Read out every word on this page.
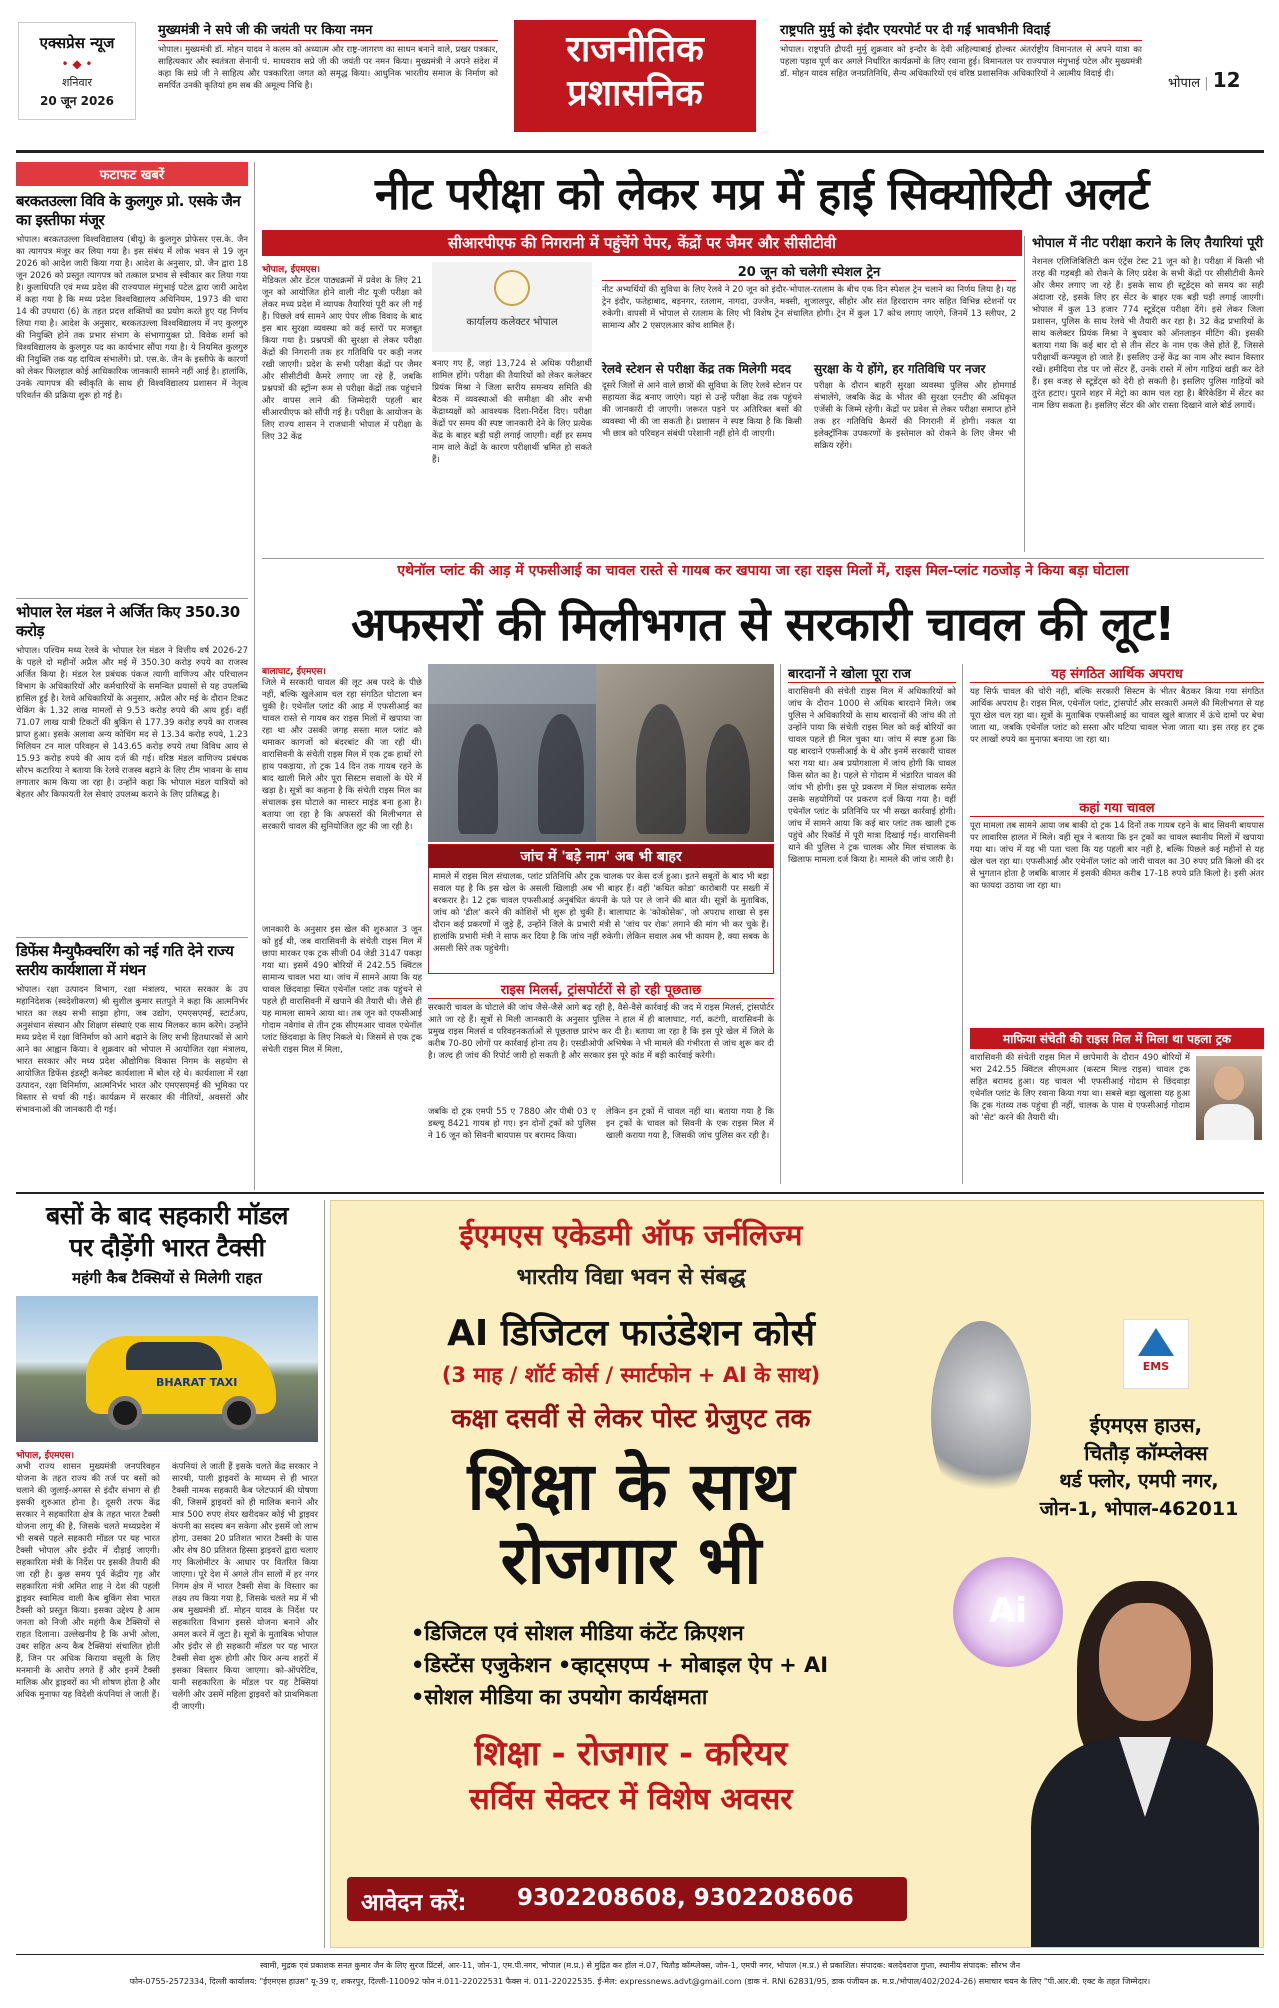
एक्सप्रेस न्यूज
• ◆ •
शनिवार
20 जून 2026
मुख्यमंत्री ने सपे जी की जयंती पर किया नमन
भोपाल। मुख्यमंत्री डॉ. मोहन यादव ने कलम को अध्यात्म और राष्ट्र-जागरण का साधन बनाने वाले, प्रखर पत्रकार, साहित्यकार और स्वतंत्रता सेनानी पं. माधवराव सप्रे जी की जयंती पर नमन किया। मुख्यमंत्री ने अपने संदेश में कहा कि सप्रे जी ने साहित्य और पत्रकारिता जगत को समृद्ध किया। आधुनिक भारतीय समाज के निर्माण को समर्पित उनकी कृतियां हम सब की अमूल्य निधि है।
राजनीतिक
प्रशासनिक
राष्ट्रपति मुर्मु को इंदौर एयरपोर्ट पर दी गई भावभीनी विदाई
भोपाल। राष्ट्रपति द्रौपदी मुर्मु शुक्रवार को इन्दौर के देवी अहिल्याबाई होल्कर अंतर्राष्ट्रीय विमानतल से अपने यात्रा का पहला पड़ाव पूर्ण कर अगले निर्धारित कार्यक्रमों के लिए रवाना हुई। विमानतल पर राज्यपाल मंगुभाई पटेल और मुख्यमंत्री डॉ. मोहन यादव सहित जनप्रतिनिधि, सैन्य अधिकारियों एवं वरिष्ठ प्रशासनिक अधिकारियों ने आत्मीय विदाई दी।
भोपाल | 12
फटाफट खबरें
बरकतउल्ला विवि के कुलगुरु प्रो. एसके जैन का इस्तीफा मंजूर
भोपाल। बरकतउल्ला विश्वविद्यालय (बीयू) के कुलगुरु प्रोफेसर एस.के. जैन का त्यागपत्र मंजूर कर लिया गया है। इस संबंध में लोक भवन से 19 जून 2026 को आदेश जारी किया गया है। आदेश के अनुसार, प्रो. जैन द्वारा 18 जून 2026 को प्रस्तुत त्यागपत्र को तत्काल प्रभाव से स्वीकार कर लिया गया है। कुलाधिपति एवं मध्य प्रदेश की राज्यपाल मंगुभाई पटेल द्वारा जारी आदेश में कहा गया है कि मध्य प्रदेश विश्वविद्यालय अधिनियम, 1973 की धारा 14 की उपधारा (6) के तहत प्रदत्त शक्तियों का प्रयोग करते हुए यह निर्णय लिया गया है। आदेश के अनुसार, बरकतउल्ला विश्वविद्यालय में नए कुलगुरु की नियुक्ति होने तक प्रभार संभाग के संभागायुक्त प्रो. विवेक शर्मा को विश्वविद्यालय के कुलगुरु पद का कार्यभार सौंपा गया है। ये नियमित कुलगुरु की नियुक्ति तक यह दायित्व संभालेंगे। प्रो. एस.के. जैन के इस्तीफे के कारणों को लेकर फिलहाल कोई आधिकारिक जानकारी सामने नहीं आई है। हालांकि, उनके त्यागपत्र की स्वीकृति के साथ ही विश्वविद्यालय प्रशासन में नेतृत्व परिवर्तन की प्रक्रिया शुरू हो गई है।
भोपाल रेल मंडल ने अर्जित किए 350.30 करोड़
भोपाल। पश्चिम मध्य रेलवे के भोपाल रेल मंडल ने वित्तीय वर्ष 2026-27 के पहले दो महीनों अप्रैल और मई में 350.30 करोड़ रुपये का राजस्व अर्जित किया है। मंडल रेल प्रबंधक पंकज त्यागी वाणिज्य और परिचालन विभाग के अधिकारियों और कर्मचारियों के समन्वित प्रयासों से यह उपलब्धि हासिल हुई है। रेलवे अधिकारियों के अनुसार, अप्रैल और मई के दौरान टिकट चेकिंग के 1.32 लाख मामलों से 9.53 करोड़ रुपये की आय हुई। वहीं 71.07 लाख यात्री टिकटों की बुकिंग से 177.39 करोड़ रुपये का राजस्व प्राप्त हुआ। इसके अलावा अन्य कोचिंग मद से 13.34 करोड़ रुपये, 1.23 मिलियन टन माल परिवहन से 143.65 करोड़ रुपये तथा विविध आय से 15.93 करोड़ रुपये की आय दर्ज की गई। वरिष्ठ मंडल वाणिज्य प्रबंधक सौरभ कटारिया ने बताया कि रेलवे राजस्व बढ़ाने के लिए टीम भावना के साथ लगातार काम किया जा रहा है। उन्होंने कहा कि भोपाल मंडल यात्रियों को बेहतर और किफायती रेल सेवाएं उपलब्ध कराने के लिए प्रतिबद्ध है।
डिफेंस मैन्युफैक्चरिंग को नई गति देने राज्य स्तरीय कार्यशाला में मंथन
भोपाल। रक्षा उत्पादन विभाग, रक्षा मंत्रालय, भारत सरकार के उप महानिदेशक (स्वदेशीकरण) श्री सुशील कुमार सतपुते ने कहा कि आत्मनिर्भर भारत का लक्ष्य सभी साझा होगा, जब उद्योग, एमएसएमई, स्टार्टअप, अनुसंधान संस्थान और शिक्षण संस्थाएं एक साथ मिलकर काम करेंगे। उन्होंने मध्य प्रदेश में रक्षा विनिर्माण को आगे बढ़ाने के लिए सभी हितधारकों से आगे आने का आह्वान किया। वे शुक्रवार को भोपाल में आयोजित रक्षा मंत्रालय, भारत सरकार और मध्य प्रदेश औद्योगिक विकास निगम के सहयोग से आयोजित डिफेंस इंडस्ट्री कनेक्ट कार्यशाला में बोल रहे थे। कार्यशाला में रक्षा उत्पादन, रक्षा विनिर्माण, आत्मनिर्भर भारत और एमएसएमई की भूमिका पर विस्तार से चर्चा की गई। कार्यक्रम में सरकार की नीतियों, अवसरों और संभावनाओं की जानकारी दी गई।
नीट परीक्षा को लेकर मप्र में हाई सिक्योरिटी अलर्ट
सीआरपीएफ की निगरानी में पहुंचेंगे पेपर, केंद्रों पर जैमर और सीसीटीवी
भोपाल, ईएमएस।
मेडिकल और डेंटल पाठ्यक्रमों में प्रवेश के लिए 21 जून को आयोजित होने वाली नीट यूजी परीक्षा को लेकर मध्य प्रदेश में व्यापक तैयारियां पूरी कर ली गई हैं। पिछले वर्ष सामने आए पेपर लीक विवाद के बाद इस बार सुरक्षा व्यवस्था को कई स्तरों पर मजबूत किया गया है। प्रश्नपत्रों की सुरक्षा से लेकर परीक्षा केंद्रों की निगरानी तक हर गतिविधि पर कड़ी नजर रखी जाएगी। प्रदेश के सभी परीक्षा केंद्रों पर जैमर और सीसीटीवी कैमरे लगाए जा रहे हैं, जबकि प्रश्नपत्रों की स्ट्रॉन्ग रूम से परीक्षा केंद्रों तक पहुंचाने और वापस लाने की जिम्मेदारी पहली बार सीआरपीएफ को सौंपी गई है। परीक्षा के आयोजन के लिए राज्य शासन ने राजधानी भोपाल में परीक्षा के लिए 32 केंद्र
कार्यालय कलेक्टर भोपाल
बनाए गए हैं, जहां 13,724 से अधिक परीक्षार्थी शामिल होंगे। परीक्षा की तैयारियों को लेकर कलेक्टर प्रियंक मिश्रा ने जिला स्तरीय समन्वय समिति की बैठक में व्यवस्थाओं की समीक्षा की और सभी केंद्राध्यक्षों को आवश्यक दिशा-निर्देश दिए। परीक्षा केंद्रों पर समय की स्पष्ट जानकारी देने के लिए प्रत्येक केंद्र के बाहर बड़ी घड़ी लगाई जाएगी। वहीं हर समय नाम वाले केंद्रों के कारण परीक्षार्थी भ्रमित हो सकते हैं।
20 जून को चलेगी स्पेशल ट्रेन
नीट अभ्यर्थियों की सुविधा के लिए रेलवे ने 20 जून को इंदौर-भोपाल-रतलाम के बीच एक दिन स्पेशल ट्रेन चलाने का निर्णय लिया है। यह ट्रेन इंदौर, फतेहाबाद, बड़नगर, रतलाम, नागदा, उज्जैन, मक्सी, शुजालपुर, सीहोर और संत हिरदाराम नगर सहित विभिन्न स्टेशनों पर रुकेगी। वापसी में भोपाल से रतलाम के लिए भी विशेष ट्रेन संचालित होगी। ट्रेन में कुल 17 कोच लगाए जाएंगे, जिनमें 13 स्लीपर, 2 सामान्य और 2 एसएलआर कोच शामिल हैं।
रेलवे स्टेशन से परीक्षा केंद्र तक मिलेगी मदद
दूसरे जिलों से आने वाले छात्रों की सुविधा के लिए रेलवे स्टेशन पर सहायता केंद्र बनाए जाएंगे। यहां से उन्हें परीक्षा केंद्र तक पहुंचने की जानकारी दी जाएगी। जरूरत पड़ने पर अतिरिक्त बसों की व्यवस्था भी की जा सकती है। प्रशासन ने स्पष्ट किया है कि किसी भी छात्र को परिवहन संबंधी परेशानी नहीं होने दी जाएगी।
सुरक्षा के ये होंगे, हर गतिविधि पर नजर
परीक्षा के दौरान बाहरी सुरक्षा व्यवस्था पुलिस और होमगार्ड संभालेंगे, जबकि केंद्र के भीतर की सुरक्षा एनटीए की अधिकृत एजेंसी के जिम्मे रहेगी। केंद्रों पर प्रवेश से लेकर परीक्षा समाप्त होने तक हर गतिविधि कैमरों की निगरानी में होगी। नकल या इलेक्ट्रॉनिक उपकरणों के इस्तेमाल को रोकने के लिए जैमर भी सक्रिय रहेंगे।
भोपाल में नीट परीक्षा कराने के लिए तैयारियां पूरी
नेशनल एलिजिबिलिटी कम एंट्रेंस टेस्ट 21 जून को है। परीक्षा में किसी भी तरह की गड़बड़ी को रोकने के लिए प्रदेश के सभी केंद्रों पर सीसीटीवी कैमरे और जैमर लगाए जा रहे हैं। इसके साथ ही स्टूडेंट्स को समय का सही अंदाजा रहे, इसके लिए हर सेंटर के बाहर एक बड़ी घड़ी लगाई जाएगी। भोपाल में कुल 13 हजार 774 स्टूडेंट्स परीक्षा देंगे। इसे लेकर जिला प्रशासन, पुलिस के साथ रेलवे भी तैयारी कर रहा है। 32 केंद्र प्रभारियों के साथ कलेक्टर प्रियंक मिश्रा ने बुधवार को ऑनलाइन मीटिंग की। इसकी बताया गया कि कई बार दो से तीन सेंटर के नाम एक जैसे होते हैं, जिससे परीक्षार्थी कन्फ्यूज हो जाते हैं। इसलिए उन्हें केंद्र का नाम और स्थान विस्तार रखें। हमीदिया रोड पर जो सेंटर हैं, उनके रास्ते में लोग गाड़ियां खड़ी कर देते हैं। इस वजह से स्टूडेंट्स को देरी हो सकती है। इसलिए पुलिस गाड़ियों को तुरंत हटाए। पुराने शहर में मेट्रो का काम चल रहा है। बैरिकेडिंग में सेंटर का नाम छिप सकता है। इसलिए सेंटर की ओर रास्ता दिखाने वाले बोर्ड लगायें।
एथेनॉल प्लांट की आड़ में एफसीआई का चावल रास्ते से गायब कर खपाया जा रहा राइस मिलों में, राइस मिल-प्लांट गठजोड़ ने किया बड़ा घोटाला
अफसरों की मिलीभगत से सरकारी चावल की लूट!
बालाघाट, ईएमएस।
जिले में सरकारी चावल की लूट अब परदे के पीछे नहीं, बल्कि खुलेआम चल रहा संगठित घोटाला बन चुकी है। एथेनॉल प्लांट की आड़ में एफसीआई का चावल रास्ते से गायब कर राइस मिलों में खपाया जा रहा था और उसकी जगह सस्ता माल प्लांट को थमाकर कागजों को बंदरबांट की जा रही थी। वारासिवनी के संचेती राइस मिल में एक ट्रक हाथों रंगे हाथ पकड़ाया, तो ट्रक 14 दिन तक गायब रहने के बाद खाली मिले और पूरा सिस्टम सवालों के घेरे में खड़ा है। सूत्रों का कहना है कि संचेती राइस मिल का संचालक इस घोटाले का मास्टर माइंड बना हुआ है। बताया जा रहा है कि अफसरों की मिलीभगत से सरकारी चावल की सुनियोजित लूट की जा रही है।
जांच में 'बड़े नाम' अब भी बाहर
मामले में राइस मिल संचालक, प्लांट प्रतिनिधि और ट्रक चालक पर केस दर्ज हुआ। इतने सबूतों के बाद भी बड़ा सवाल यह है कि इस खेल के असली खिलाड़ी अब भी बाहर हैं। वहीं 'कथित कोडा' कारोबारी पर सख्ती में बरकरार है। 12 ट्रक चावल एफसीआई अनुबंधित कंपनी के पते पर ले जाने की बात थी। सूत्रों के मुताबिक, जांच को 'ढील' करने की कोशिशें भी शुरू हो चुकी हैं। बालाघाट के 'कोकोसेक', जो अपराध शाखा से इस दौरान कई प्रकरणों में जुड़े हैं, उन्होंने जिले के प्रभारी मंत्री से 'जांच पर रोक' लगाने की मांग भी कर चुके हैं। हालांकि प्रभारी मंत्री ने साफ कर दिया है कि जांच नहीं रुकेगी। लेकिन सवाल अब भी कायम है, क्या सबक के असली सिरे तक पहुंचेगी।
राइस मिलर्स, ट्रांसपोर्टरों से हो रही पूछताछ
सरकारी चावल के घोटाले की जांच जैसे-जैसे आगे बढ़ रही है, वैसे-वैसे कार्रवाई की जद में राइस मिलर्स, ट्रांसपोर्टर आते जा रहे हैं। सूत्रों से मिली जानकारी के अनुसार पुलिस ने हाल में ही बालाघाट, गर्रा, कटंगी, वारासिवनी के प्रमुख राइस मिलर्स व परिवहनकर्ताओं से पूछताछ प्रारंभ कर दी है। बताया जा रहा है कि इस पूरे खेल में जिले के करीब 70-80 लोगों पर कार्रवाई होना तय है। एसडीओपी अभिषेक ने भी मामले की गंभीरता से जांच शुरू कर दी है। जल्द ही जांच की रिपोर्ट जारी हो सकती है और सरकार इस पूरे कांड में बड़ी कार्रवाई करेगी।
जबकि दो ट्रक एमपी 55 ए 7880 और पीबी 03 ए डब्ल्यू 8421 गायब हो गए। इन दोनों ट्रकों को पुलिस ने 16 जून को सिवनी बायपास पर बरामद किया।
लेकिन इन ट्रकों में चावल नहीं था। बताया गया है कि इन ट्रकों के चावल को सिवनी के एक राइस मिल में खाली कराया गया है, जिसकी जांच पुलिस कर रही है।
बारदानों ने खोला पूरा राज
वारासिवनी की संचेती राइस मिल में अधिकारियों को जांच के दौरान 1000 से अधिक बारदाने मिले। जब पुलिस ने अधिकारियों के साथ बारदानों की जांच की तो उन्होंने पाया कि संचेती राइस मिल को कई बोरियों का चावल पहले ही मिल चुका था। जांच में स्पष्ट हुआ कि यह बारदाने एफसीआई के थे और इनमें सरकारी चावल भरा गया था। अब प्रयोगशाला में जांच होगी कि चावल किस स्रोत का है। पहले से गोदाम में भंडारित चावल की जांच भी होगी। इस पूरे प्रकरण में मिल संचालक समेत उसके सहयोगियों पर प्रकरण दर्ज किया गया है। वहीं एथेनॉल प्लांट के प्रतिनिधि पर भी सख्त कार्रवाई होगी। जांच में सामने आया कि कई बार प्लांट तक खाली ट्रक पहुंचे और रिकॉर्ड में पूरी मात्रा दिखाई गई। वारासिवनी थाने की पुलिस ने ट्रक चालक और मिल संचालक के खिलाफ मामला दर्ज किया है। मामले की जांच जारी है।
यह संगठित आर्थिक अपराध
यह सिर्फ चावल की चोरी नहीं, बल्कि सरकारी सिस्टम के भीतर बैठकर किया गया संगठित आर्थिक अपराध है। राइस मिल, एथेनॉल प्लांट, ट्रांसपोर्ट और सरकारी अमले की मिलीभगत से यह पूरा खेल चल रहा था। सूत्रों के मुताबिक एफसीआई का चावल खुले बाजार में ऊंचे दामों पर बेचा जाता था, जबकि एथेनॉल प्लांट को सस्ता और घटिया चावल भेजा जाता था। इस तरह हर ट्रक पर लाखों रुपये का मुनाफा बनाया जा रहा था।
कहां गया चावल
पूरा मामला तब सामने आया जब बाकी दो ट्रक 14 दिनों तक गायब रहने के बाद सिवनी बायपास पर लावारिस हालत में मिले। वहीं सूत्र ने बताया कि इन ट्रकों का चावल स्थानीय मिलों में खपाया गया था। जांच में यह भी पता चला कि यह पहली बार नहीं है, बल्कि पिछले कई महीनों से यह खेल चल रहा था। एफसीआई और एथेनॉल प्लांट को जारी चावल का 30 रुपए प्रति किलो की दर से भुगतान होता है जबकि बाजार में इसकी कीमत करीब 17-18 रुपये प्रति किलो है। इसी अंतर का फायदा उठाया जा रहा था।
माफिया संचेती की राइस मिल में मिला था पहला ट्रक
वारासिवनी की संचेती राइस मिल में छापेमारी के दौरान 490 बोरियों में भरा 242.55 क्विंटल सीएमआर (कस्टम मिल्ड राइस) चावल ट्रक सहित बरामद हुआ। यह चावल भी एफसीआई गोदाम से छिंदवाड़ा एथेनॉल प्लांट के लिए रवाना किया गया था। सबसे बड़ा खुलासा यह हुआ कि ट्रक गंतव्य तक पहुंचा ही नहीं, चालक के पास थे एफसीआई गोदाम को 'सेट' करने की तैयारी थी।
बसों के बाद सहकारी मॉडल
पर दौड़ेंगी भारत टैक्सी
महंगी कैब टैक्सियों से मिलेगी राहत
BHARAT TAXI
भोपाल, ईएमएस।
अभी राज्य शासन मुख्यमंत्री जनपरिवहन योजना के तहत राज्य की तर्ज पर बसों को चलाने की जुलाई-अगस्त से इंदौर संभाग से ही इसकी शुरुआत होना है। दूसरी तरफ केंद्र सरकार ने सहकारिता क्षेत्र के तहत भारत टैक्सी योजना लागू की है, जिसके चलते मध्यप्रदेश में भी सबसे पहले सहकारी मॉडल पर यह भारत टैक्सी भोपाल और इंदौर में दौड़ाई जाएगी। सहकारिता मंत्री के निर्देश पर इसकी तैयारी की जा रही है। कुछ समय पूर्व केंद्रीय गृह और सहकारिता मंत्री अमित शाह ने देश की पहली ड्राइवर स्वामित्व वाली कैब बुकिंग सेवा भारत टैक्सी को प्रस्तुत किया। इसका उद्देश्य है आम जनता को निजी और महंगी कैब टैक्सियों से राहत दिलाना। उल्लेखनीय है कि अभी ओला, उबर सहित अन्य कैब टैक्सियां संचालित होती हैं, जिन पर अधिक किराया वसूली के लिए मनमानी के आरोप लगते हैं और इनमें टैक्सी मालिक और ड्राइवरों का भी शोषण होता है और अधिक मुनाफा यह विदेशी कंपनियां ले जाती हैं।
कंपनियां ले जाती हैं इसके चलते केंद्र सरकार ने सारथी, पाली ड्राइवरों के माध्यम से ही भारत टैक्सी नामक सहकारी कैब प्लेटफार्म की घोषणा की, जिसमें ड्राइवरों को ही मालिक बनाने और मात्र 500 रुपए शेयर खरीदकर कोई भी ड्राइवर कंपनी का सदस्य बन सकेगा और इसमें जो लाभ होगा, उसका 20 प्रतिशत भारत टैक्सी के पास और शेष 80 प्रतिशत हिस्सा ड्राइवरों द्वारा चलाए गए किलोमीटर के आधार पर वितरित किया जाएगा। पूरे देश में अगले तीन सालों में हर नगर निगम क्षेत्र में भारत टैक्सी सेवा के विस्तार का लक्ष्य तय किया गया है, जिसके चलते मप्र में भी अब मुख्यमंत्री डॉ. मोहन यादव के निर्देश पर सहकारिता विभाग इससे योजना बनाने और अमल करने में जुटा है। सूत्रों के मुताबिक भोपाल और इंदौर से ही सहकारी मॉडल पर यह भारत टैक्सी सेवा शुरू होगी और फिर अन्य शहरों में इसका विस्तार किया जाएगा। को-ऑपरेटिव, यानी सहकारिता के मॉडल पर यह टैक्सियां चलेंगी और उसमें महिला ड्राइवरों को प्राथमिकता दी जाएगी।
ईएमएस एकेडमी ऑफ जर्नलिज्म
भारतीय विद्या भवन से संबद्ध
AI डिजिटल फाउंडेशन कोर्स
(3 माह / शॉर्ट कोर्स / स्मार्टफोन + AI के साथ)
कक्षा दसवीं से लेकर पोस्ट ग्रेजुएट तक
शिक्षा के साथ
रोजगार भी
•डिजिटल एवं सोशल मीडिया कंटेंट क्रिएशन
•डिस्टेंस एजुकेशन •व्हाट्सएप्प + मोबाइल ऐप + AI
•सोशल मीडिया का उपयोग कार्यक्षमता
शिक्षा - रोजगार - करियर
सर्विस सेक्टर में विशेष अवसर
आवेदन करें: 9302208608, 9302208606
EMS
ईएमएस हाउस,
चितौड़ कॉम्प्लेक्स
थर्ड फ्लोर, एमपी नगर,
जोन-1, भोपाल-462011
Ai
स्वामी, मुद्रक एवं प्रकाशक सनत कुमार जैन के लिए सुरज प्रिंटर्स, आर-11, जोन-1, एम.पी.नगर, भोपाल (म.प्र.) से मुद्रित कर हॉल नं.07, चितौड़ कॉम्प्लेक्स, जोन-1, एमपी नगर, भोपाल (म.प्र.) से प्रकाशित। संपादक: बलदेवराज गुप्ता, स्थानीय संपादक: सौरभ जैन
फोन-0755-2572334, दिल्ली कार्यालय: "ईएमएस हाउस" यू-39 ए, शकरपुर, दिल्ली-110092 फोन नं.011-22022531 फैक्स नं. 011-22022535. ई-मेल: expressnews.advt@gmail.com (डाक नं. RNI 62831/95, डाक पंजीयन क्र. म.प्र./भोपाल/402/2024-26) समाचार चयन के लिए "पी.आर.बी. एक्ट के तहत जिम्मेदार।
जानकारी के अनुसार इस खेल की शुरुआत 3 जून को हुई थी, जब वारासिवनी के संचेती राइस मिल में छापा मारकर एक ट्रक सीजी 04 जेडी 3147 पकड़ा गया था। इसमें 490 बोरियों में 242.55 क्विंटल सामान्य चावल भरा था। जांच में सामने आया कि यह चावल छिंदवाड़ा स्थित एथेनॉल प्लांट तक पहुंचने से पहले ही वारासिवनी में खपाने की तैयारी थी। जैसे ही यह मामला सामने आया था। तब जून को एफसीआई गोदाम नवेगांव से तीन ट्रक सीएमआर चावल एथेनॉल प्लांट छिंदवाड़ा के लिए निकले थे। जिसमें से एक ट्रक संचेती राइस मिल में मिला,
